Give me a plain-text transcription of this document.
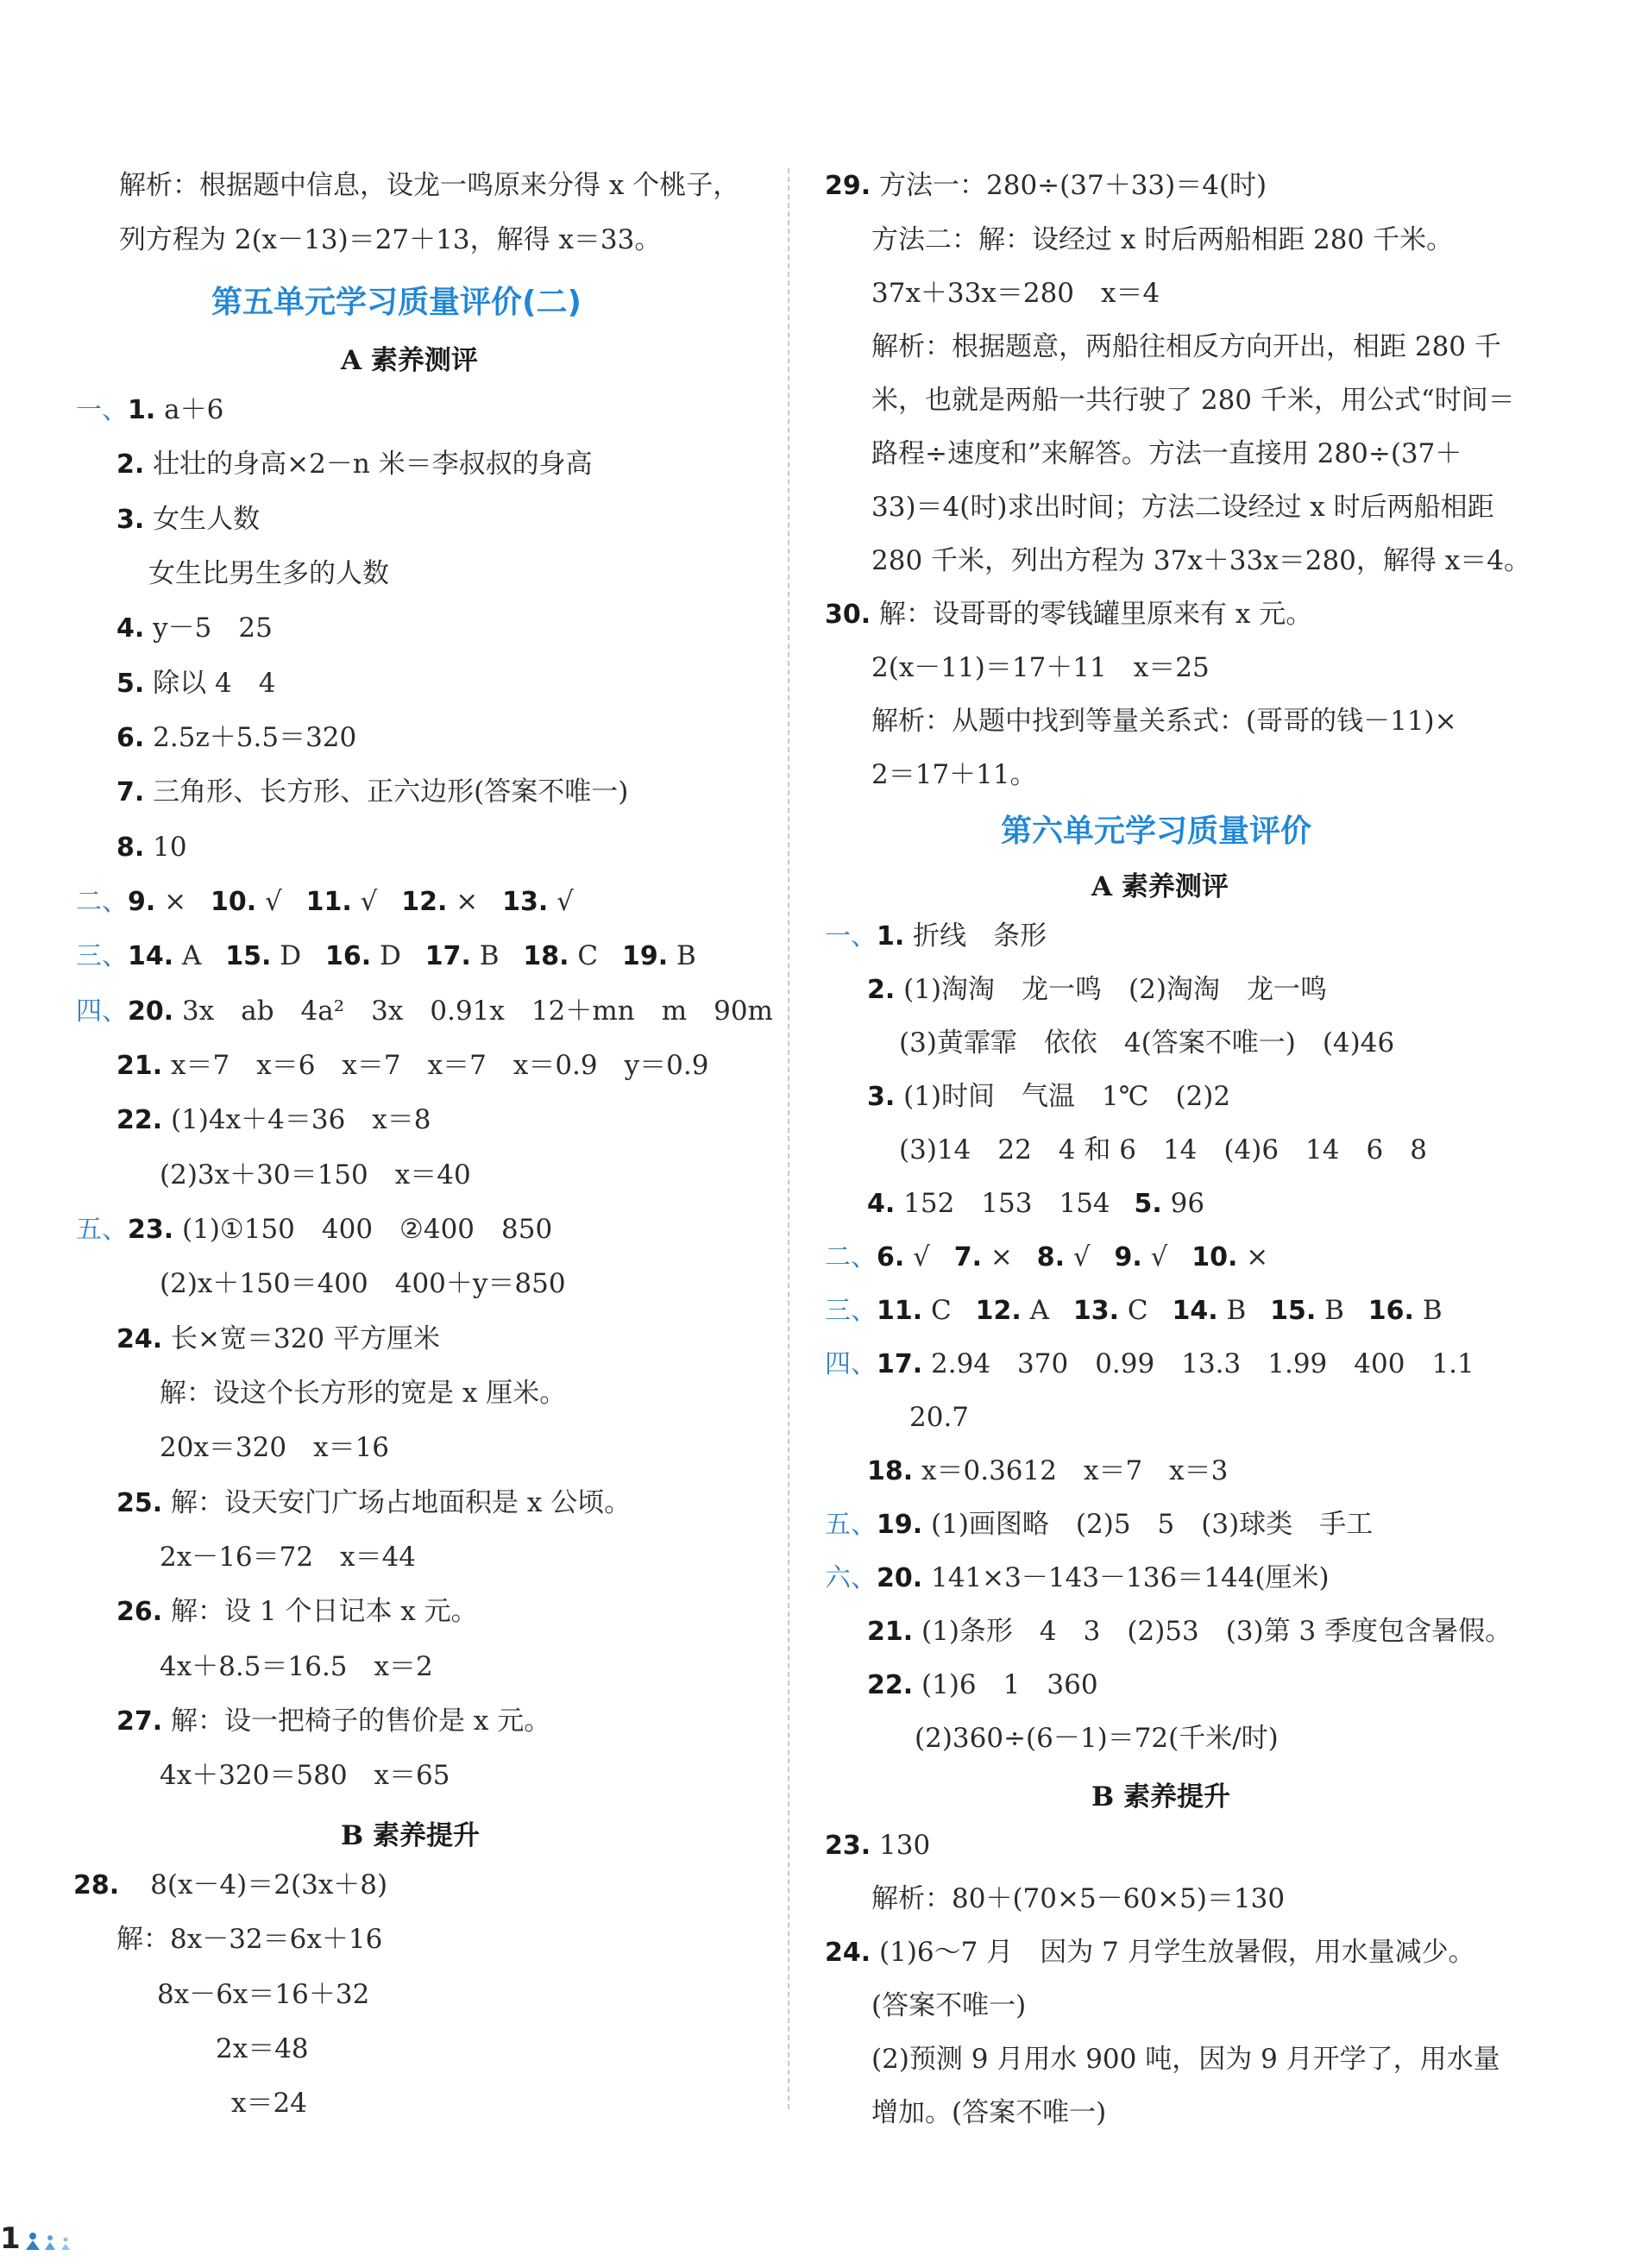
解析：根据题中信息，设龙一鸣原来分得 x 个桃子，
列方程为 2(x－13)＝27＋13，解得 x＝33。
第五单元学习质量评价(二)
A 素养测评
一、1. a＋6
2. 壮壮的身高×2－n 米＝李叔叔的身高
3. 女生人数
女生比男生多的人数
4. y－5　25
5. 除以 4　4
6. 2.5z＋5.5＝320
7. 三角形、长方形、正六边形(答案不唯一)
8. 10
二、9. × 10. √ 11. √ 12. × 13. √
三、14. A 15. D 16. D 17. B 18. C 19. B
四、20. 3x　ab　4a²　3x　0.91x　12＋mn　m　90m
21. x＝7　x＝6　x＝7　x＝7　x＝0.9　y＝0.9
22. (1)4x＋4＝36　x＝8
(2)3x＋30＝150　x＝40
五、23. (1)①150　400　②400　850
(2)x＋150＝400　400＋y＝850
24. 长×宽＝320 平方厘米
解：设这个长方形的宽是 x 厘米。
20x＝320　x＝16
25. 解：设天安门广场占地面积是 x 公顷。
2x－16＝72　x＝44
26. 解：设 1 个日记本 x 元。
4x＋8.5＝16.5　x＝2
27. 解：设一把椅子的售价是 x 元。
4x＋320＝580　x＝65
B 素养提升
28. 8(x－4)＝2(3x＋8)
解：8x－32＝6x＋16
8x－6x＝16＋32
2x＝48
x＝24
29. 方法一：280÷(37＋33)＝4(时)
方法二：解：设经过 x 时后两船相距 280 千米。
37x＋33x＝280　x＝4
解析：根据题意，两船往相反方向开出，相距 280 千
米，也就是两船一共行驶了 280 千米，用公式“时间＝
路程÷速度和”来解答。方法一直接用 280÷(37＋
33)＝4(时)求出时间；方法二设经过 x 时后两船相距
280 千米，列出方程为 37x＋33x＝280，解得 x＝4。
30. 解：设哥哥的零钱罐里原来有 x 元。
2(x－11)＝17＋11　x＝25
解析：从题中找到等量关系式：(哥哥的钱－11)×
2＝17＋11。
第六单元学习质量评价
A 素养测评
一、1. 折线　条形
2. (1)淘淘　龙一鸣　(2)淘淘　龙一鸣
(3)黄霏霏　依依　4(答案不唯一)　(4)46
3. (1)时间　气温　1℃　(2)2
(3)14　22　4 和 6　14　(4)6　14　6　8
4. 152　153　154 5. 96
二、6. √ 7. × 8. √ 9. √ 10. ×
三、11. C 12. A 13. C 14. B 15. B 16. B
四、17. 2.94　370　0.99　13.3　1.99　400　1.1
20.7
18. x＝0.3612　x＝7　x＝3
五、19. (1)画图略　(2)5　5　(3)球类　手工
六、20. 141×3－143－136＝144(厘米)
21. (1)条形　4　3　(2)53　(3)第 3 季度包含暑假。
22. (1)6　1　360
(2)360÷(6－1)＝72(千米/时)
B 素养提升
23. 130
解析：80＋(70×5－60×5)＝130
24. (1)6～7 月　因为 7 月学生放暑假，用水量减少。
(答案不唯一)
(2)预测 9 月用水 900 吨，因为 9 月开学了，用水量
增加。(答案不唯一)
1
